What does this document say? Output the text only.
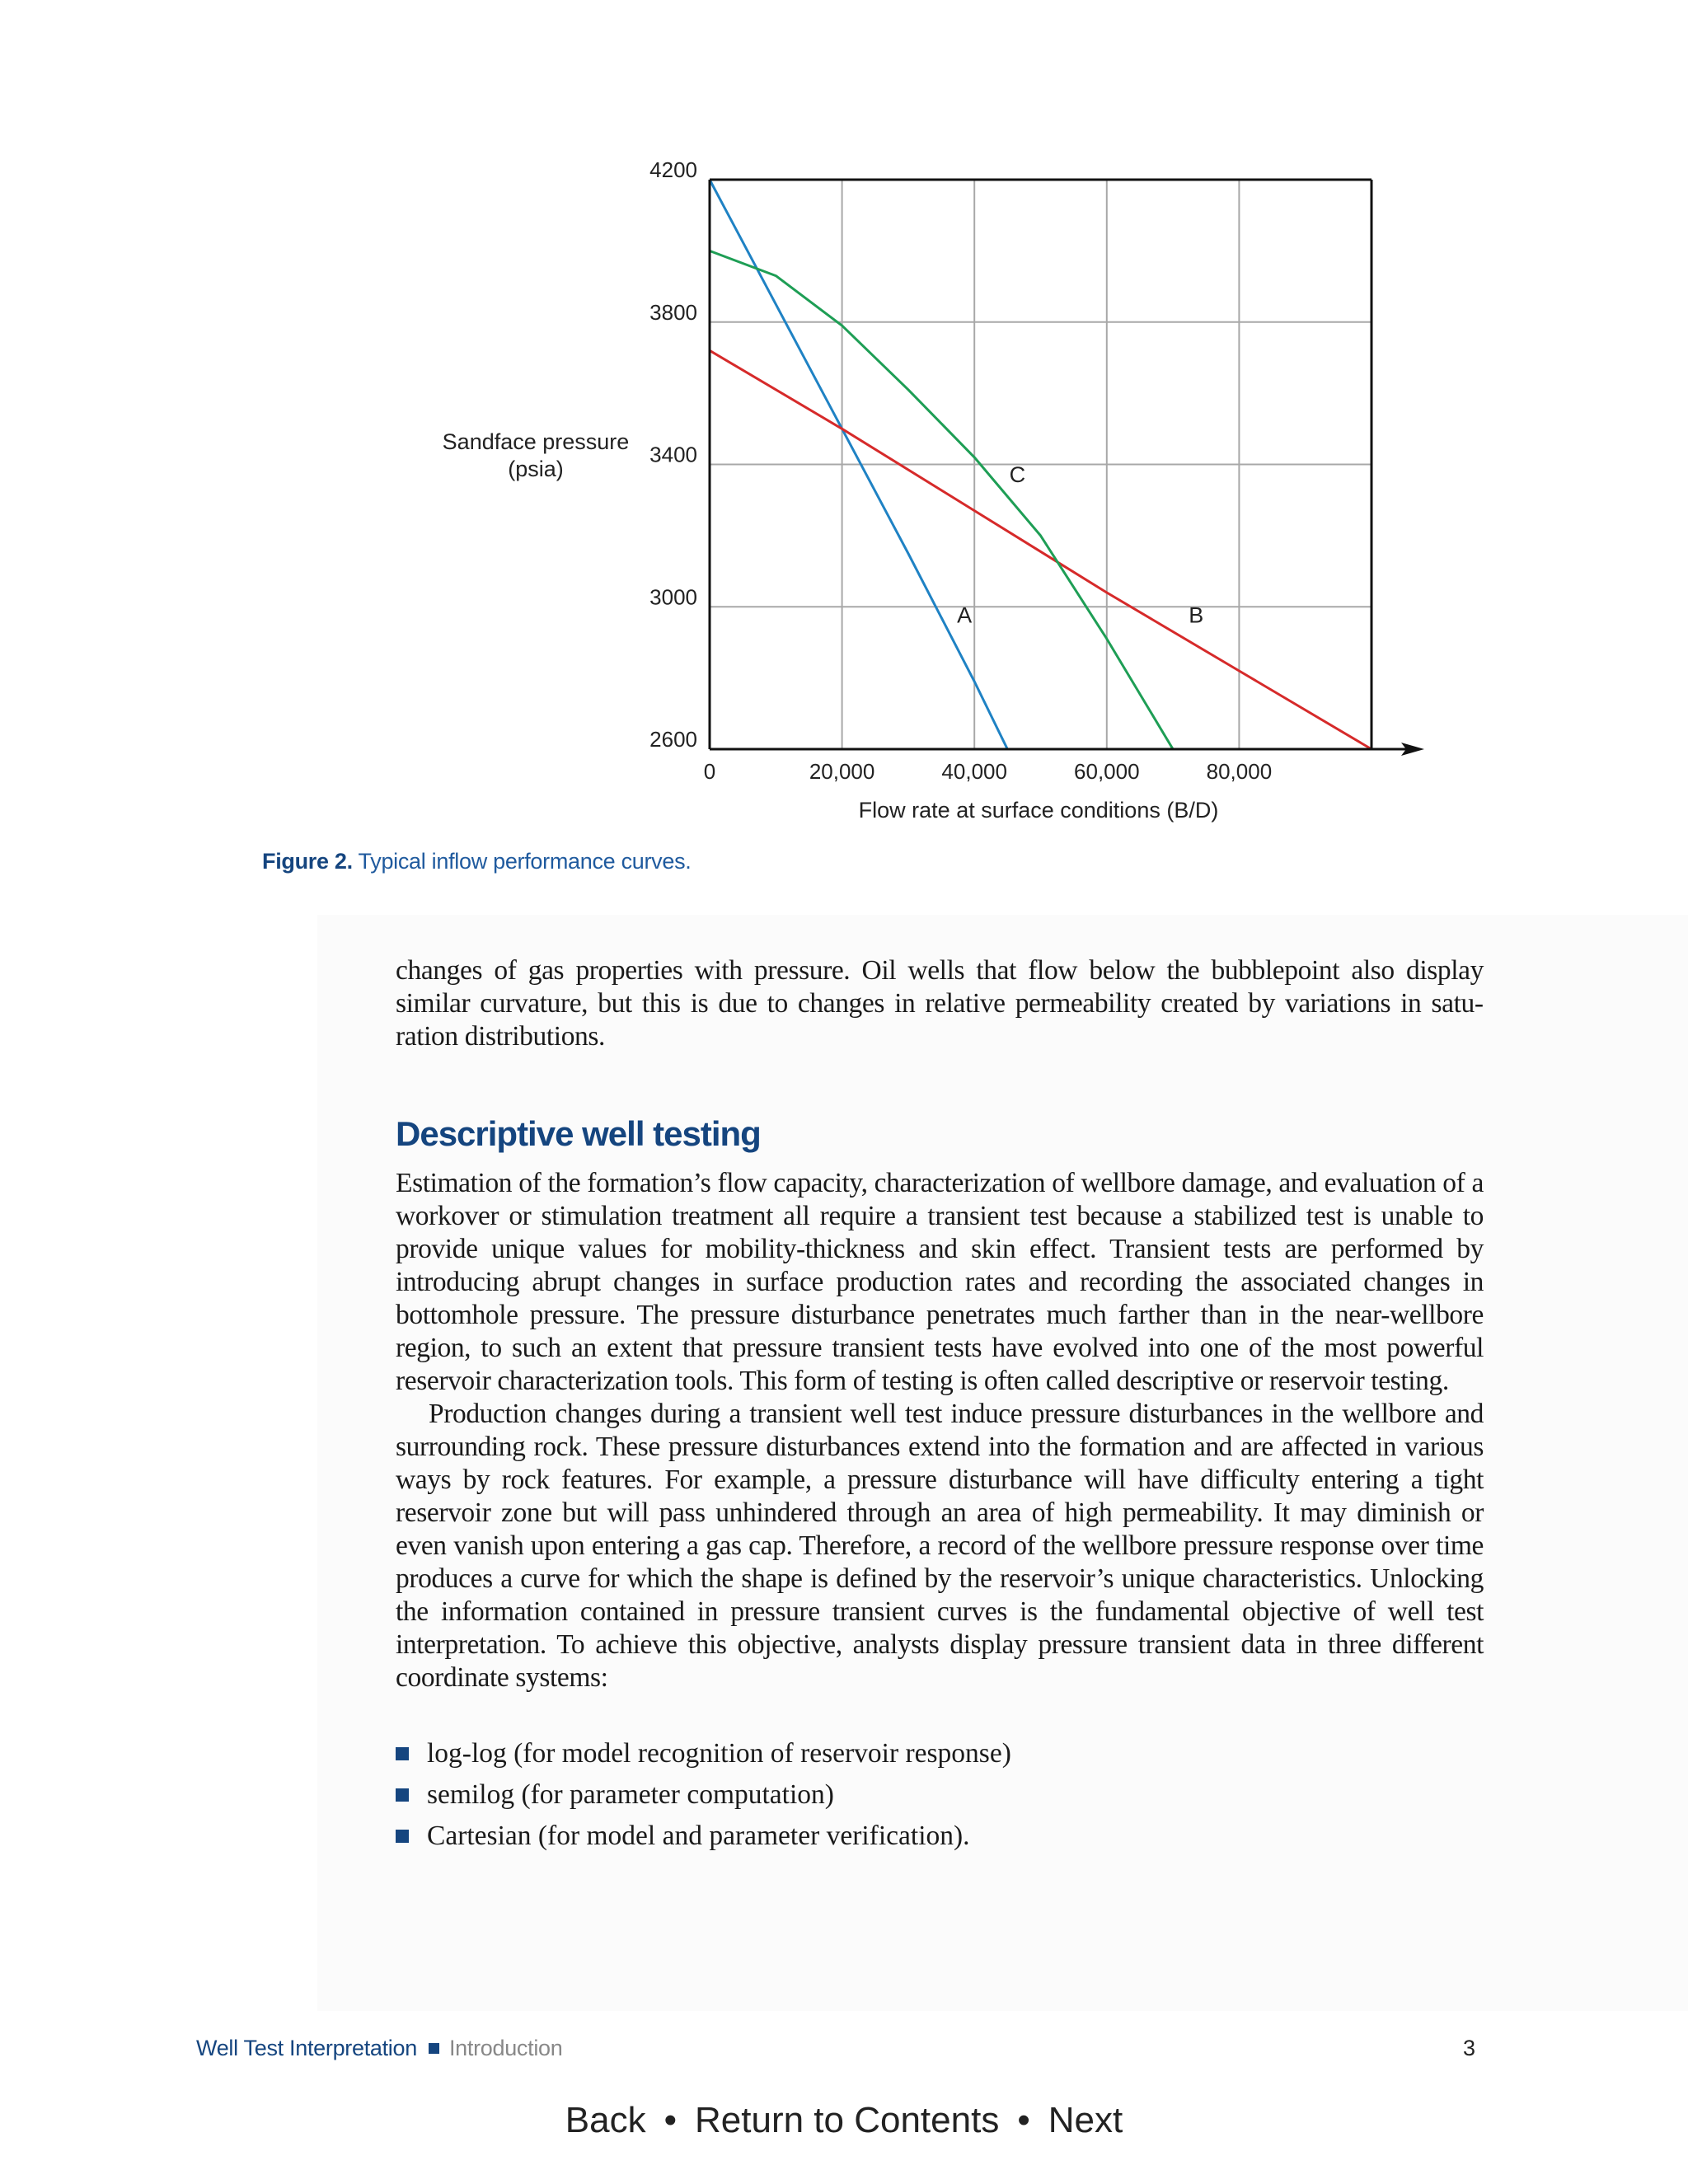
A	B
C
2600
3000
3400
3800
4200
0	20,000	40,000	60,000	80,000
Flow rate at surface conditions (B/D)
Sandface pressure (psia)
Figure 2. Typical inflow performance curves.

changes of gas properties with pressure. Oil wells that flow below the bubblepoint also display similar curvature, but this is due to changes in relative permeability created by variations in saturation distributions.

Descriptive well testing

Estimation of the formation’s flow capacity, characterization of wellbore damage, and evaluation of a workover or stimulation treatment all require a transient test because a stabilized test is unable to provide unique values for mobility-thickness and skin effect. Transient tests are performed by introducing abrupt changes in surface production rates and recording the associated changes in bottomhole pressure. The pressure disturbance penetrates much farther than in the near-wellbore region, to such an extent that pressure transient tests have evolved into one of the most powerful reservoir characterization tools. This form of testing is often called descriptive or reservoir testing.

Production changes during a transient well test induce pressure disturbances in the wellbore and surrounding rock. These pressure disturbances extend into the formation and are affected in various ways by rock features. For example, a pressure disturbance will have difficulty entering a tight reservoir zone but will pass unhindered through an area of high permeability. It may diminish or even vanish upon entering a gas cap. Therefore, a record of the wellbore pressure response over time produces a curve for which the shape is defined by the reservoir’s unique characteristics. Unlocking the information contained in pressure transient curves is the fundamental objective of well test interpretation. To achieve this objective, analysts display pressure transient data in three different coordinate systems:

log-log (for model recognition of reservoir response)
semilog (for parameter computation)
Cartesian (for model and parameter verification).
Well Test Interpretation Introduction	3
Back • Return to Contents • Next
